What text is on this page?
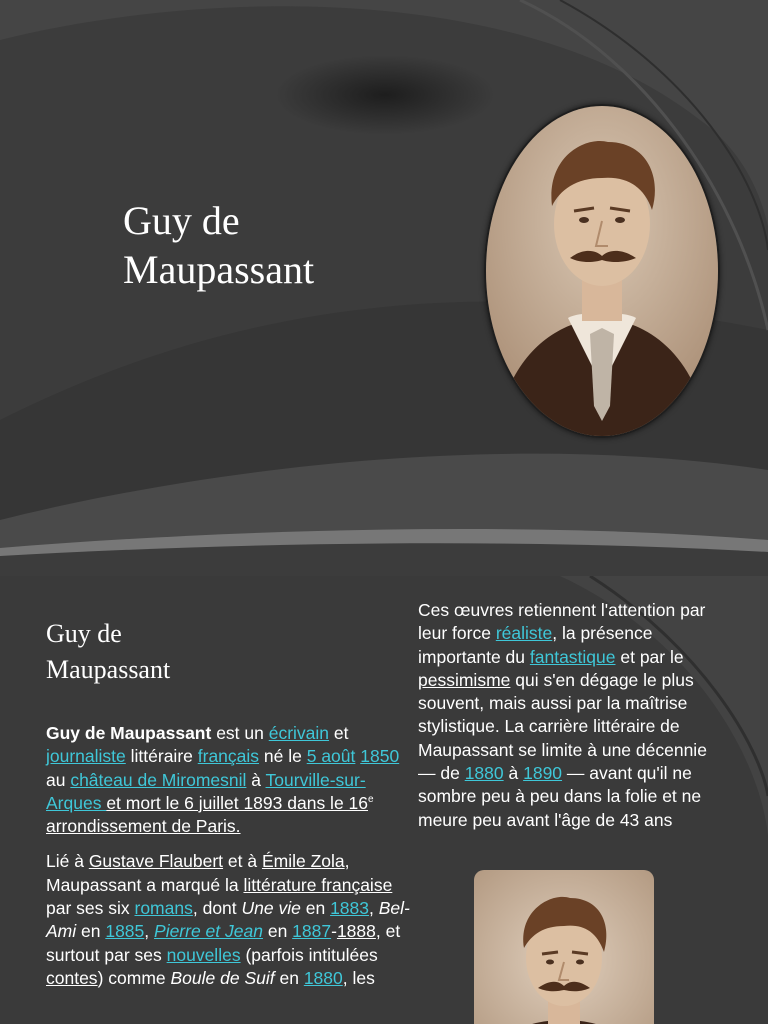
Guy de
Maupassant
Guy de
Maupassant

Guy de Maupassant est un écrivain et journaliste littéraire français né le 5 août 1850 au château de Miromesnil à Tourville-sur-Arques et mort le 6 juillet 1893 dans le 16e arrondissement de Paris.

Lié à Gustave Flaubert et à Émile Zola, Maupassant a marqué la littérature française par ses six romans, dont Une vie en 1883, Bel-Ami en 1885, Pierre et Jean en 1887-1888, et surtout par ses nouvelles (parfois intitulées contes) comme Boule de Suif en 1880, les

Ces œuvres retiennent l'attention par leur force réaliste, la présence importante du fantastique et par le pessimisme qui s'en dégage le plus souvent, mais aussi par la maîtrise stylistique. La carrière littéraire de Maupassant se limite à une décennie — de 1880 à 1890 — avant qu'il ne sombre peu à peu dans la folie et ne meure peu avant l'âge de 43 ans
